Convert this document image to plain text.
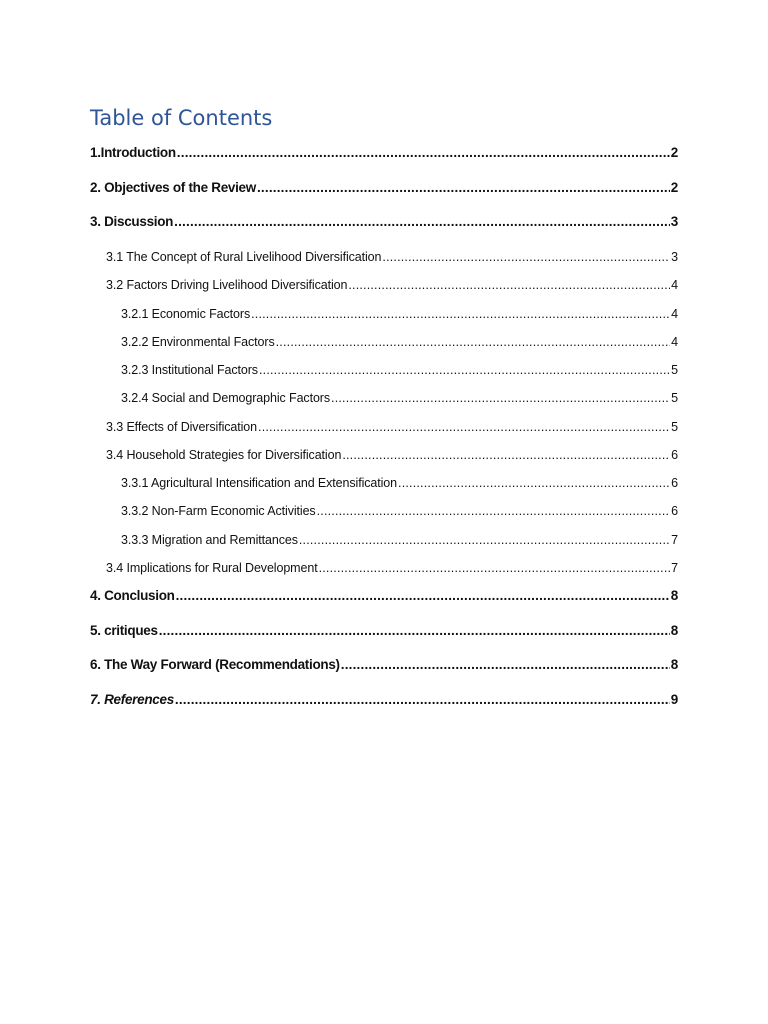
Table of Contents
1.Introduction .....	2
2. Objectives of the Review .....	2
3. Discussion .....	3
3.1 The Concept of Rural Livelihood Diversification .....	3
3.2 Factors Driving Livelihood Diversification .....	4
3.2.1 Economic Factors .....	4
3.2.2 Environmental Factors .....	4
3.2.3 Institutional Factors .....	5
3.2.4 Social and Demographic Factors .....	5
3.3 Effects of Diversification .....	5
3.4 Household Strategies for Diversification .....	6
3.3.1 Agricultural Intensification and Extensification .....	6
3.3.2 Non-Farm Economic Activities .....	6
3.3.3 Migration and Remittances .....	7
3.4 Implications for Rural Development .....	7
4. Conclusion .....	8
5. critiques .....	8
6. The Way Forward (Recommendations) .....	8
7. References .....	9
